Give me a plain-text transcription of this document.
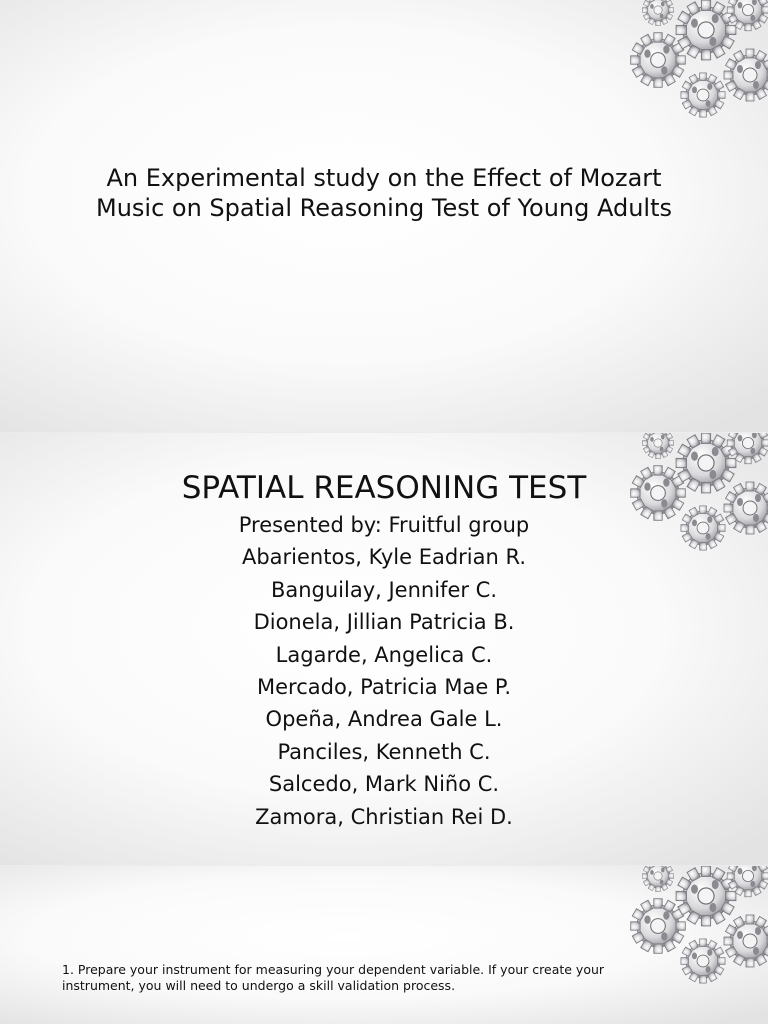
An Experimental study on the Effect of Mozart
Music on Spatial Reasoning Test of Young Adults
SPATIAL REASONING TEST
Presented by: Fruitful group
Abarientos, Kyle Eadrian R.
Banguilay, Jennifer C.
Dionela, Jillian Patricia B.
Lagarde, Angelica C.
Mercado, Patricia Mae P.
Opeña, Andrea Gale L.
Panciles, Kenneth C.
Salcedo, Mark Niño C.
Zamora, Christian Rei D.
1. Prepare your instrument for measuring your dependent variable. If your create your instrument, you will need to undergo a skill validation process.
